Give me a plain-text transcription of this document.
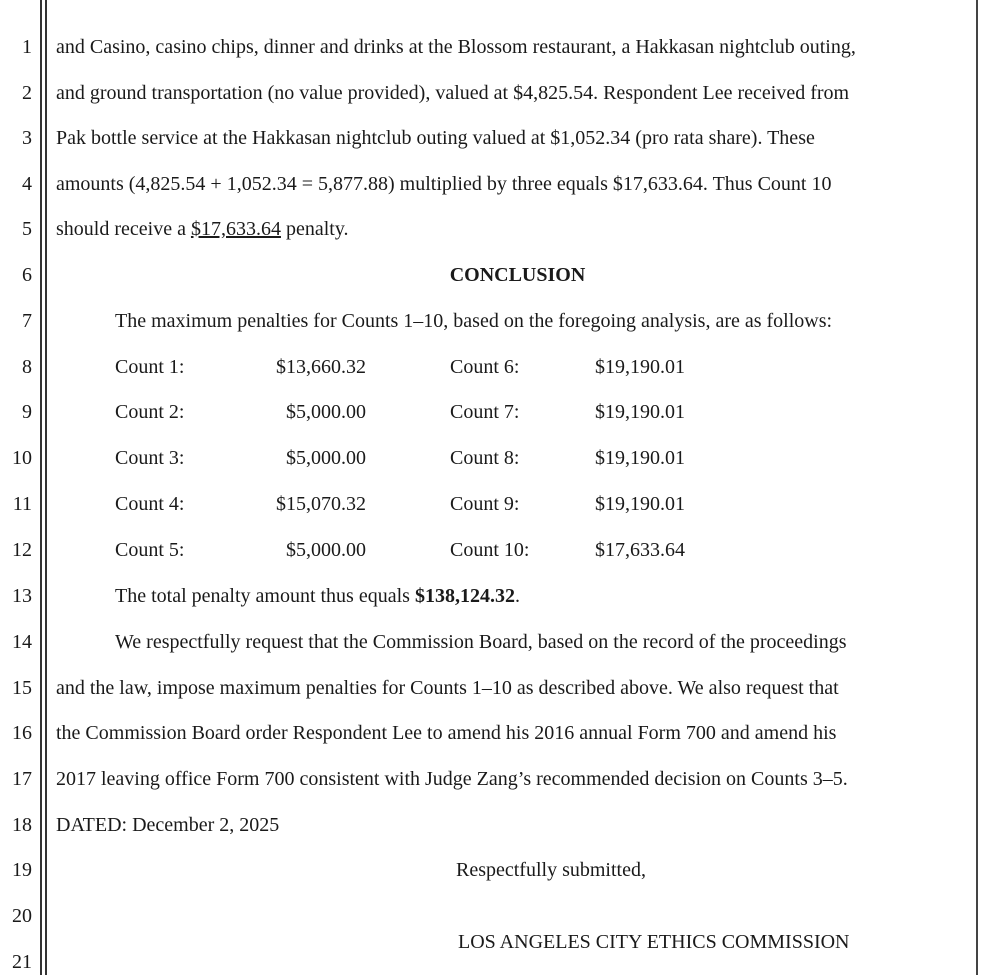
1
2
3
4
5
6
7
8
9
10
11
12
13
14
15
16
17
18
19
20
21
and Casino, casino chips, dinner and drinks at the Blossom restaurant, a Hakkasan nightclub outing,
and ground transportation (no value provided), valued at $4,825.54. Respondent Lee received from
Pak bottle service at the Hakkasan nightclub outing valued at $1,052.34 (pro rata share). These
amounts (4,825.54 + 1,052.34 = 5,877.88) multiplied by three equals $17,633.64. Thus Count 10
should receive a $17,633.64 penalty.
CONCLUSION
The maximum penalties for Counts 1–10, based on the foregoing analysis, are as follows:
Count 1:	$13,660.32	Count 6:	$19,190.01
Count 2:	$5,000.00	Count 7:	$19,190.01
Count 3:	$5,000.00	Count 8:	$19,190.01
Count 4:	$15,070.32	Count 9:	$19,190.01
Count 5:	$5,000.00	Count 10:	$17,633.64
The total penalty amount thus equals $138,124.32.
We respectfully request that the Commission Board, based on the record of the proceedings
and the law, impose maximum penalties for Counts 1–10 as described above. We also request that
the Commission Board order Respondent Lee to amend his 2016 annual Form 700 and amend his
2017 leaving office Form 700 consistent with Judge Zang’s recommended decision on Counts 3–5.
DATED: December 2, 2025
Respectfully submitted,
LOS ANGELES CITY ETHICS COMMISSION
